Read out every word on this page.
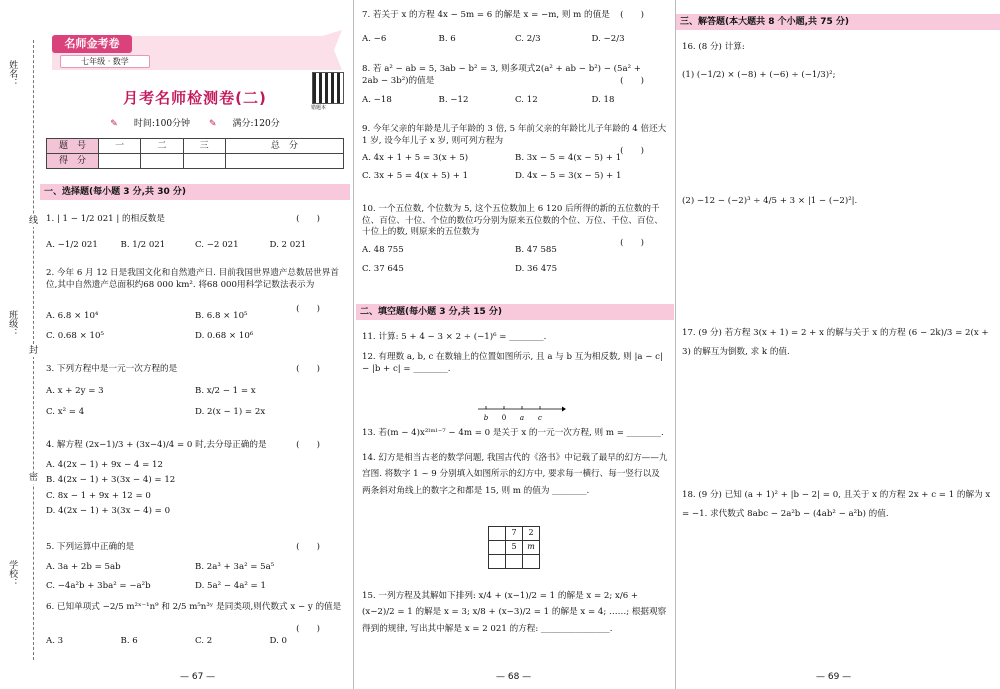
姓名：
班级：
学校：
线
封
密
名师金考卷
七年级 · 数学
错题本
月考名师检测卷(二)
✎ 时间:100分钟 ✎ 满分:120分
题　号	一	二	三	总　分
得　分				
一、选择题(每小题 3 分,共 30 分)
1. | 1 − 1/2 021 | 的相反数是	(　　)
A. −1/2 021	B. 1/2 021	C. −2 021	D. 2 021
2. 今年 6 月 12 日是我国文化和自然遗产日. 目前我国世界遗产总数居世界首位,其中自然遗产总面积约68 000 km². 将68 000用科学记数法表示为
(　　)
A. 6.8 × 10⁴	B. 6.8 × 10⁵
C. 0.68 × 10⁵	D. 0.68 × 10⁶
3. 下列方程中是一元一次方程的是	(　　)
A. x + 2y = 3	B. x/2 − 1 = x
C. x² = 4	D. 2(x − 1) = 2x
4. 解方程 (2x−1)/3 + (3x−4)/4 = 0 时,去分母正确的是	(　　)
A. 4(2x − 1) + 9x − 4 = 12
B. 4(2x − 1) + 3(3x − 4) = 12
C. 8x − 1 + 9x + 12 = 0
D. 4(2x − 1) + 3(3x − 4) = 0
5. 下列运算中正确的是	(　　)
A. 3a + 2b = 5ab	B. 2a³ + 3a² = 5a⁵
C. −4a²b + 3ba² = −a²b	D. 5a² − 4a² = 1
6. 已知单项式 −2/5 m²ˣ⁻¹n⁹ 和 2/5 m⁵n³ʸ 是同类项,则代数式 x − y 的值是
(　　)
A. 3	B. 6	C. 2	D. 0
— 67 —
7. 若关于 x 的方程 4x − 5m = 6 的解是 x = −m, 则 m 的值是	(　　)
A. −6	B. 6	C. 2/3	D. −2/3
8. 若 a² − ab = 5, 3ab − b² = 3, 则多项式2(a² + ab − b²) − (5a² + 2ab − 3b²)的值是	(　　)
A. −18	B. −12	C. 12	D. 18
9. 今年父亲的年龄是儿子年龄的 3 倍, 5 年前父亲的年龄比儿子年龄的 4 倍还大 1 岁, 设今年儿子 x 岁, 则可列方程为
(　　)
A. 4x + 1 + 5 = 3(x + 5)	B. 3x − 5 = 4(x − 5) + 1
C. 3x + 5 = 4(x + 5) + 1	D. 4x − 5 = 3(x − 5) + 1
10. 一个五位数, 个位数为 5, 这个五位数加上 6 120 后所得的新的五位数的千位、百位、十位、个位的数位巧分别为原来五位数的个位、万位、千位、百位、十位上的数, 则原来的五位数为
(　　)
A. 48 755	B. 47 585
C. 37 645	D. 36 475
二、填空题(每小题 3 分,共 15 分)
11. 计算: 5 + 4 − 3 × 2 ÷ (−1)⁶ = ________.
12. 有理数 a, b, c 在数轴上的位置如图所示, 且 a 与 b 互为相反数, 则 |a − c| − |b + c| = ________.
b 0 a c
13. 若(m − 4)x²ˡᵐˡ⁻⁷ − 4m = 0 是关于 x 的一元一次方程, 则 m = ________.
14. 幻方是相当古老的数学问题, 我国古代的《洛书》中记载了最早的幻方——九宫图. 将数字 1 ~ 9 分别填入如图所示的幻方中, 要求每一横行、每一竖行以及两条斜对角线上的数字之和都是 15, 则 m 的值为 ________.
	7	2
	5	m

15. 一列方程及其解如下排列: x/4 + (x−1)/2 = 1 的解是 x = 2; x/6 + (x−2)/2 = 1 的解是 x = 3; x/8 + (x−3)/2 = 1 的解是 x = 4; ……; 根据观察得到的规律, 写出其中解是 x = 2 021 的方程: ________________.
— 68 —
三、解答题(本大题共 8 个小题,共 75 分)
16. (8 分) 计算:
(1) (−1/2) × (−8) + (−6) ÷ (−1/3)²;
(2) −12 − (−2)³ ÷ 4/5 + 3 × |1 − (−2)²|.
17. (9 分) 若方程 3(x + 1) = 2 + x 的解与关于 x 的方程 (6 − 2k)/3 = 2(x + 3) 的解互为倒数, 求 k 的值.
18. (9 分) 已知 (a + 1)² + |b − 2| = 0, 且关于 x 的方程 2x + c = 1 的解为 x = −1. 求代数式 8abc − 2a²b − (4ab² − a²b) 的值.
— 69 —
